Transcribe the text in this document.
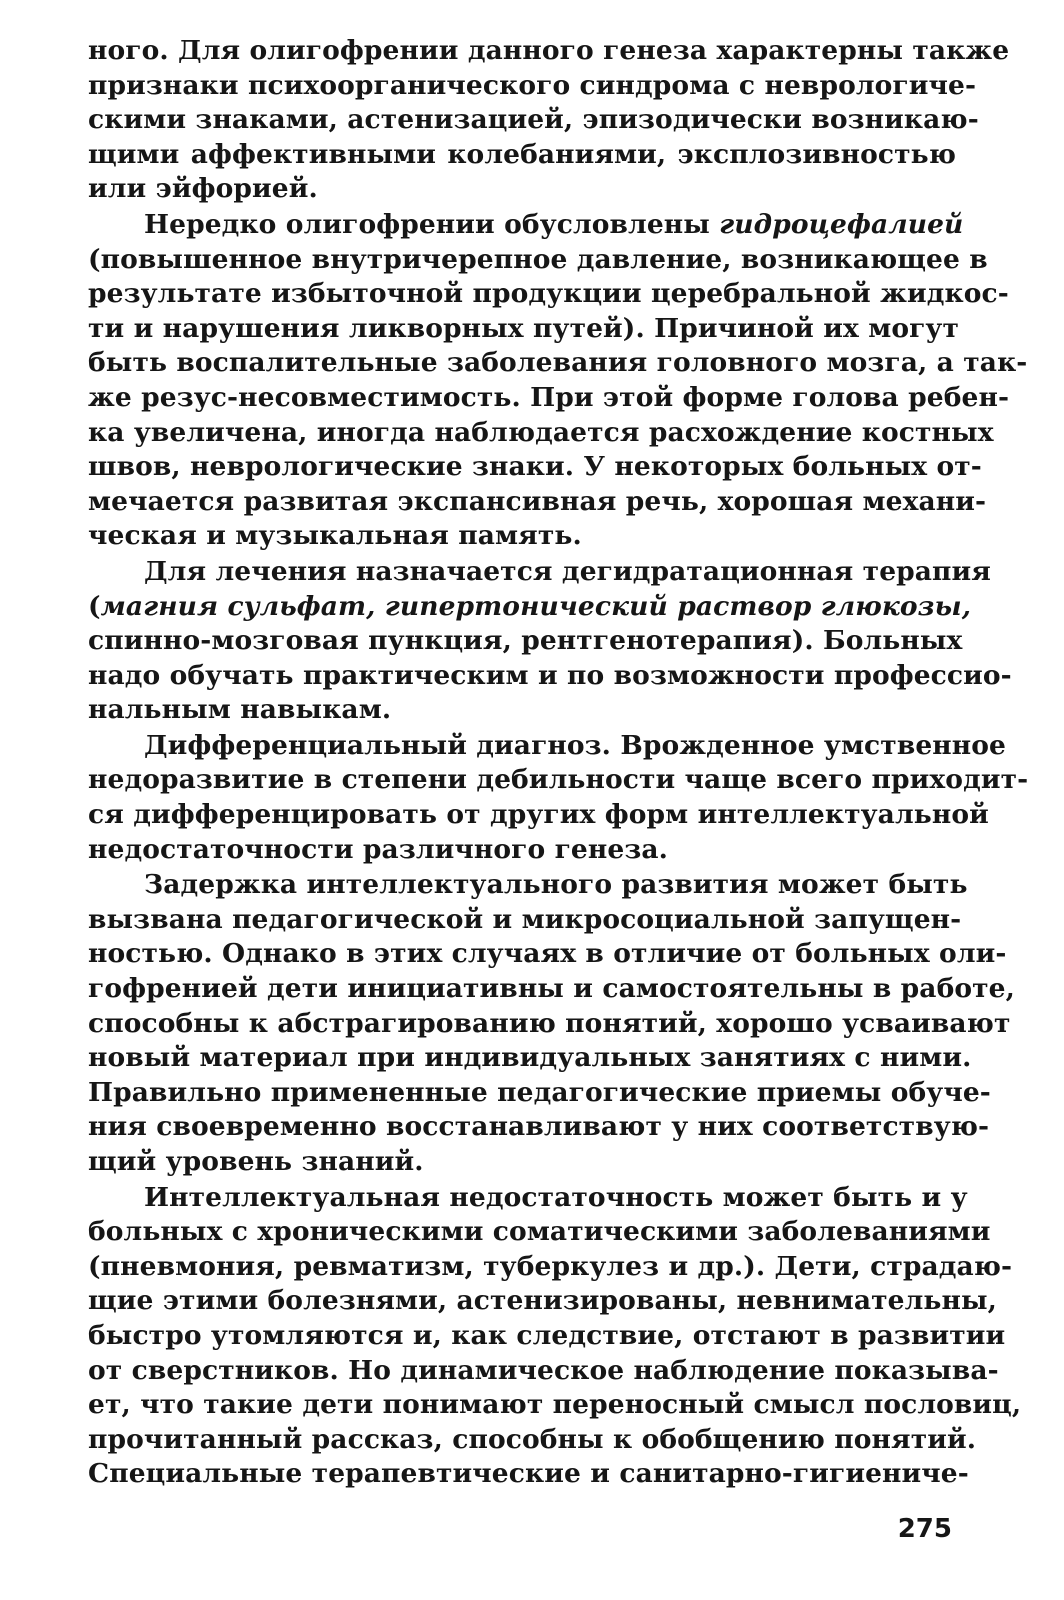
ного. Для олигофрении данного генеза характерны также
признаки психоорганического синдрома с неврологиче-
скими знаками, астенизацией, эпизодически возникаю-
щими аффективными колебаниями, эксплозивностью
или эйфорией.
Нередко олигофрении обусловлены гидроцефалией
(повышенное внутричерепное давление, возникающее в
результате избыточной продукции церебральной жидкос-
ти и нарушения ликворных путей). Причиной их могут
быть воспалительные заболевания головного мозга, а так-
же резус-несовместимость. При этой форме голова ребен-
ка увеличена, иногда наблюдается расхождение костных
швов, неврологические знаки. У некоторых больных от-
мечается развитая экспансивная речь, хорошая механи-
ческая и музыкальная память.
Для лечения назначается дегидратационная терапия
(магния сульфат, гипертонический раствор глюкозы,
спинно-мозговая пункция, рентгенотерапия). Больных
надо обучать практическим и по возможности профессио-
нальным навыкам.
Дифференциальный диагноз. Врожденное умственное
недоразвитие в степени дебильности чаще всего приходит-
ся дифференцировать от других форм интеллектуальной
недостаточности различного генеза.
Задержка интеллектуального развития может быть
вызвана педагогической и микросоциальной запущен-
ностью. Однако в этих случаях в отличие от больных оли-
гофренией дети инициативны и самостоятельны в работе,
способны к абстрагированию понятий, хорошо усваивают
новый материал при индивидуальных занятиях с ними.
Правильно примененные педагогические приемы обуче-
ния своевременно восстанавливают у них соответствую-
щий уровень знаний.
Интеллектуальная недостаточность может быть и у
больных с хроническими соматическими заболеваниями
(пневмония, ревматизм, туберкулез и др.). Дети, страдаю-
щие этими болезнями, астенизированы, невнимательны,
быстро утомляются и, как следствие, отстают в развитии
от сверстников. Но динамическое наблюдение показыва-
ет, что такие дети понимают переносный смысл пословиц,
прочитанный рассказ, способны к обобщению понятий.
Специальные терапевтические и санитарно-гигиениче-
275
